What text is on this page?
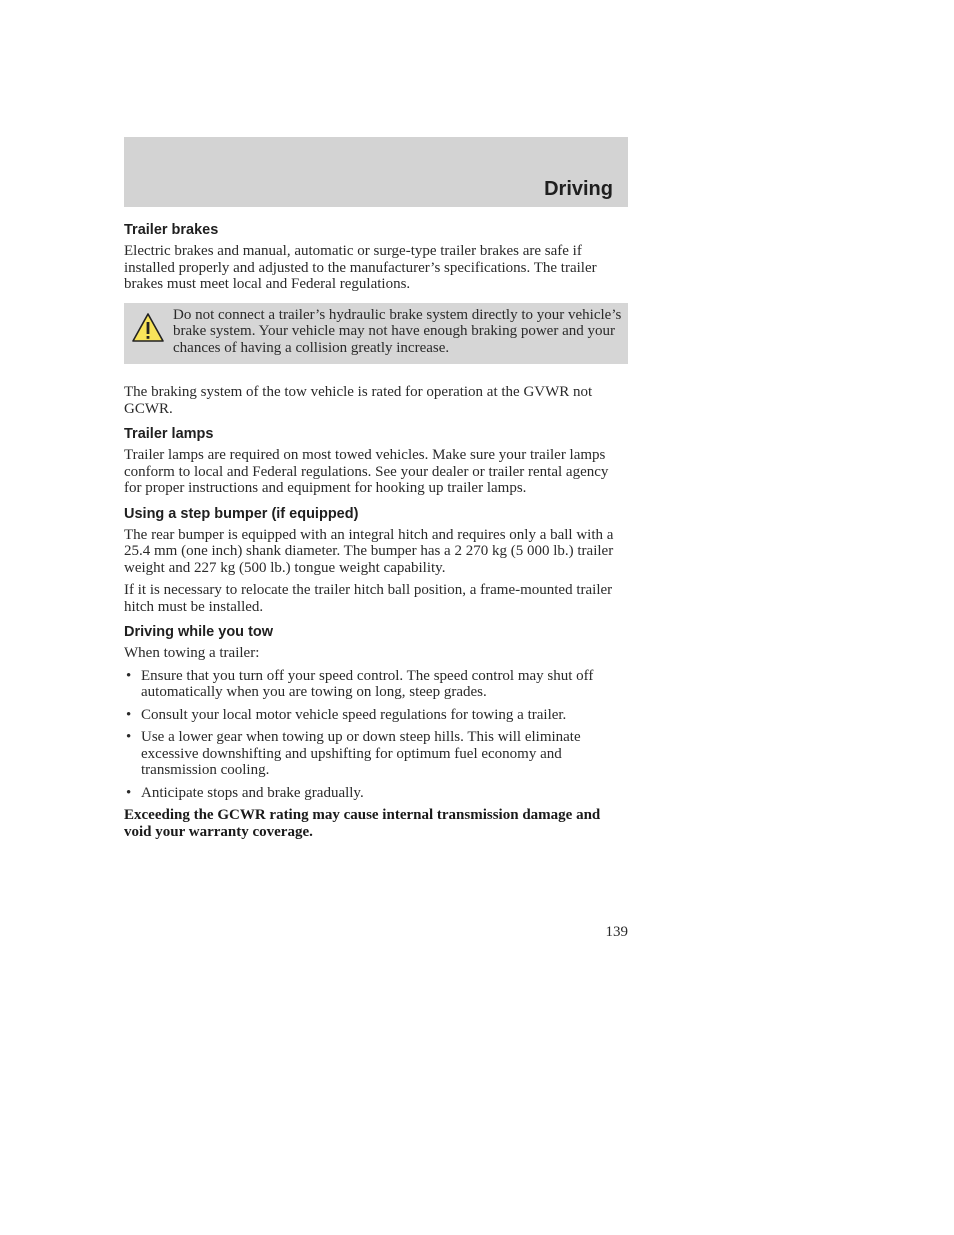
Driving
Trailer brakes

Electric brakes and manual, automatic or surge-type trailer brakes are safe if installed properly and adjusted to the manufacturer’s specifications. The trailer brakes must meet local and Federal regulations.

Do not connect a trailer’s hydraulic brake system directly to your vehicle’s brake system. Your vehicle may not have enough braking power and your chances of having a collision greatly increase.

The braking system of the tow vehicle is rated for operation at the GVWR not GCWR.

Trailer lamps

Trailer lamps are required on most towed vehicles. Make sure your trailer lamps conform to local and Federal regulations. See your dealer or trailer rental agency for proper instructions and equipment for hooking up trailer lamps.

Using a step bumper (if equipped)

The rear bumper is equipped with an integral hitch and requires only a ball with a 25.4 mm (one inch) shank diameter. The bumper has a 2 270 kg (5 000 lb.) trailer weight and 227 kg (500 lb.) tongue weight capability.

If it is necessary to relocate the trailer hitch ball position, a frame-mounted trailer hitch must be installed.

Driving while you tow

When towing a trailer:

• Ensure that you turn off your speed control. The speed control may shut off automatically when you are towing on long, steep grades.
• Consult your local motor vehicle speed regulations for towing a trailer.
• Use a lower gear when towing up or down steep hills. This will eliminate excessive downshifting and upshifting for optimum fuel economy and transmission cooling.
• Anticipate stops and brake gradually.

Exceeding the GCWR rating may cause internal transmission damage and void your warranty coverage.

139
